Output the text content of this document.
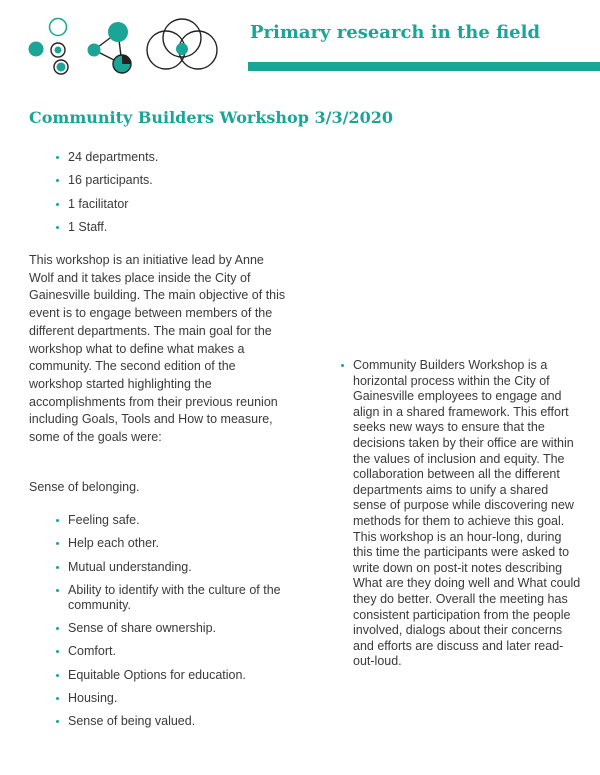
Primary research in the field
Community Builders Workshop 3/3/2020
24 departments.
16 participants.
1 facilitator
1 Staff.

This workshop is an initiative lead by Anne Wolf and it takes place inside the City of Gainesville building. The main objective of this event is to engage between members of the different departments. The main goal for the workshop what to define what makes a community. The second edition of the workshop started highlighting the accomplishments from their previous reunion including Goals, Tools and How to measure, some of the goals were:

Sense of belonging.

Feeling safe.
Help each other.
Mutual understanding.
Ability to identify with the culture of the community.
Sense of share ownership.
Comfort.
Equitable Options for education.
Housing.
Sense of being valued.
Community Builders Workshop is a horizontal process within the City of Gainesville employees to engage and align in a shared framework. This effort seeks new ways to ensure that the decisions taken by their office are within the values of inclusion and equity. The collaboration between all the different departments aims to unify a shared sense of purpose while discovering new methods for them to achieve this goal. This workshop is an hour-long, during this time the participants were asked to write down on post-it notes describing What are they doing well and What could they do better. Overall the meeting has consistent participation from the people involved, dialogs about their concerns and efforts are discuss and later read-out-loud.
